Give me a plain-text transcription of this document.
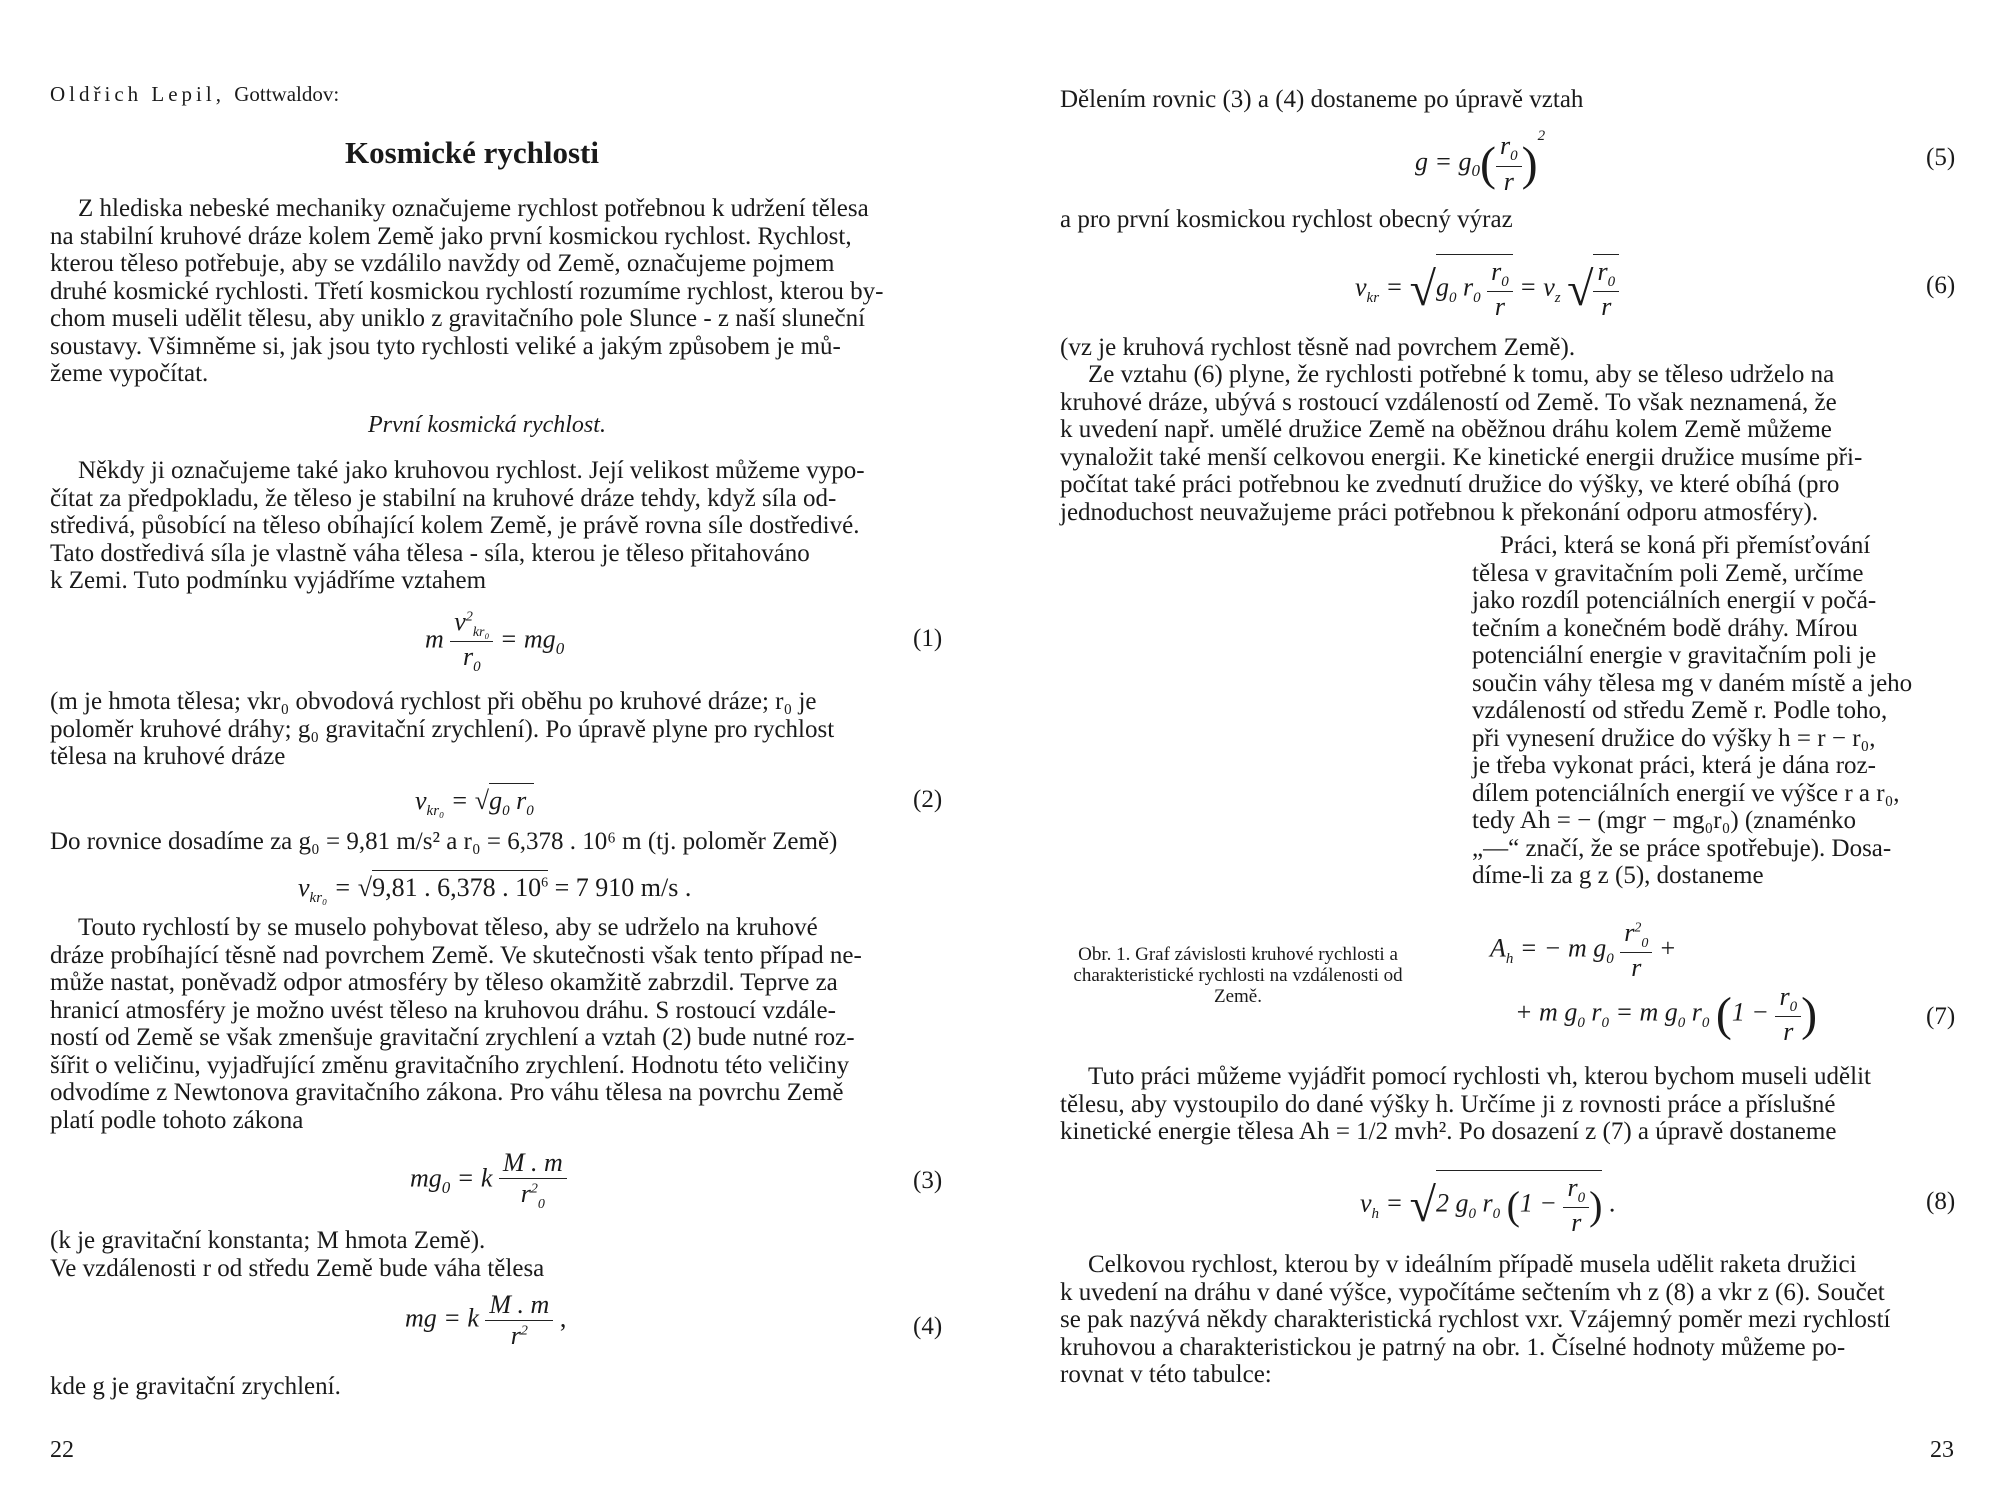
Oldřich Lepil, Gottwaldov:
Kosmické rychlosti
Z hlediska nebeské mechaniky označujeme rychlost potřebnou k udržení tělesa
na stabilní kruhové dráze kolem Země jako první kosmickou rychlost. Rychlost,
kterou těleso potřebuje, aby se vzdálilo navždy od Země, označujeme pojmem
druhé kosmické rychlosti. Třetí kosmickou rychlostí rozumíme rychlost, kterou by-
chom museli udělit tělesu, aby uniklo z gravitačního pole Slunce - z naší sluneční
soustavy. Všimněme si, jak jsou tyto rychlosti veliké a jakým způsobem je mů-
žeme vypočítat.
První kosmická rychlost.
Někdy ji označujeme také jako kruhovou rychlost. Její velikost můžeme vypo-
čítat za předpokladu, že těleso je stabilní na kruhové dráze tehdy, když síla od-
středivá, působící na těleso obíhající kolem Země, je právě rovna síle dostředivé.
Tato dostředivá síla je vlastně váha tělesa - síla, kterou je těleso přitahováno
k Zemi. Tuto podmínku vyjádříme vztahem
m $\frac{v^2_{kr_0}}{r_0} = mg_0$	(1)
(m je hmota tělesa; vkr₀ obvodová rychlost při oběhu po kruhové dráze; r₀ je
poloměr kruhové dráhy; g₀ gravitační zrychlení). Po úpravě plyne pro rychlost
tělesa na kruhové dráze
$v_{kr_0} = √g_0$ $r_0$	(2)
Do rovnice dosadíme za g₀ = 9,81 m/s² a r₀ = 6,378 . 10⁶ m (tj. poloměr Země)
$v_{kr_0} = √9,81$ . 6,378 . $10^6 = 7$ 910 m/s .
Touto rychlostí by se muselo pohybovat těleso, aby se udrželo na kruhové
dráze probíhající těsně nad povrchem Země. Ve skutečnosti však tento případ ne-
může nastat, poněvadž odpor atmosféry by těleso okamžitě zabrzdil. Teprve za
hranicí atmosféry je možno uvést těleso na kruhovou dráhu. S rostoucí vzdále-
ností od Země se však zmenšuje gravitační zrychlení a vztah (2) bude nutné roz-
šířit o veličinu, vyjadřující změnu gravitačního zrychlení. Hodnotu této veličiny
odvodíme z Newtonova gravitačního zákona. Pro váhu tělesa na povrchu Země
platí podle tohoto zákona
$mg_0 = k \frac{M . m}{r^2_0}$	(3)
(k je gravitační konstanta; M hmota Země).
Ve vzdálenosti r od středu Země bude váha tělesa
mg = k $\frac{M . m}{r^2}$ ,	(4)
kde g je gravitační zrychlení.
22
Dělením rovnic (3) a (4) dostaneme po úpravě vztah
$g = g_0( \frac{r_0}{r} )^2$
(5)
a pro první kosmickou rychlost obecný výraz
$v_{kr} = √g_0$ $r_0 \frac{r_0}{r} = v_z$ √ $\frac{r_0}{r}$	(6)
(vz je kruhová rychlost těsně nad povrchem Země).
Ze vztahu (6) plyne, že rychlosti potřebné k tomu, aby se těleso udrželo na
kruhové dráze, ubývá s rostoucí vzdáleností od Země. To však neznamená, že
k uvedení např. umělé družice Země na oběžnou dráhu kolem Země můžeme
vynaložit také menší celkovou energii. Ke kinetické energii družice musíme při-
počítat také práci potřebnou ke zvednutí družice do výšky, ve které obíhá (pro
jednoduchost neuvažujeme práci potřebnou k překonání odporu atmosféry).
Práci, která se koná při přemísťování
tělesa v gravitačním poli Země, určíme
jako rozdíl potenciálních energií v počá-
tečním a konečném bodě dráhy. Mírou
potenciální energie v gravitačním poli je
součin váhy tělesa mg v daném místě a jeho
vzdáleností od středu Země r. Podle toho,
při vynesení družice do výšky h = r − r₀,
je třeba vykonat práci, která je dána roz-
dílem potenciálních energií ve výšce r a r₀,
tedy Ah = − (mgr − mg₀r₀) (znaménko
„—“ značí, že se práce spotřebuje). Dosa-
díme-li za g z (5), dostaneme
$A_h$ = − m $g_0 \frac{r^2_0}{r}$ +
+ m $g_0$ $r_0 = m$ $g_0$ $r_0$ ($1 - \frac{r_0}{r}$ )	(7)
Tuto práci můžeme vyjádřit pomocí rychlosti vh, kterou bychom museli udělit
tělesu, aby vystoupilo do dané výšky h. Určíme ji z rovnosti práce a příslušné
kinetické energie tělesa Ah = 1/2 mvh². Po dosazení z (7) a úpravě dostaneme
$v_h = √2$ $g_0$ $r_0$ ($1 - \frac{r_0}{r}$ ) .	(8)
Celkovou rychlost, kterou by v ideálním případě musela udělit raketa družici
k uvedení na dráhu v dané výšce, vypočítáme sečtením vh z (8) a vkr z (6). Součet
se pak nazývá někdy charakteristická rychlost vxr. Vzájemný poměr mezi rychlostí
kruhovou a charakteristickou je patrný na obr. 1. Číselné hodnoty můžeme po-
rovnat v této tabulce:
23
Obr. 1. Graf závislosti kruhové rychlosti a charakteristické rychlosti na vzdálenosti od Země.
